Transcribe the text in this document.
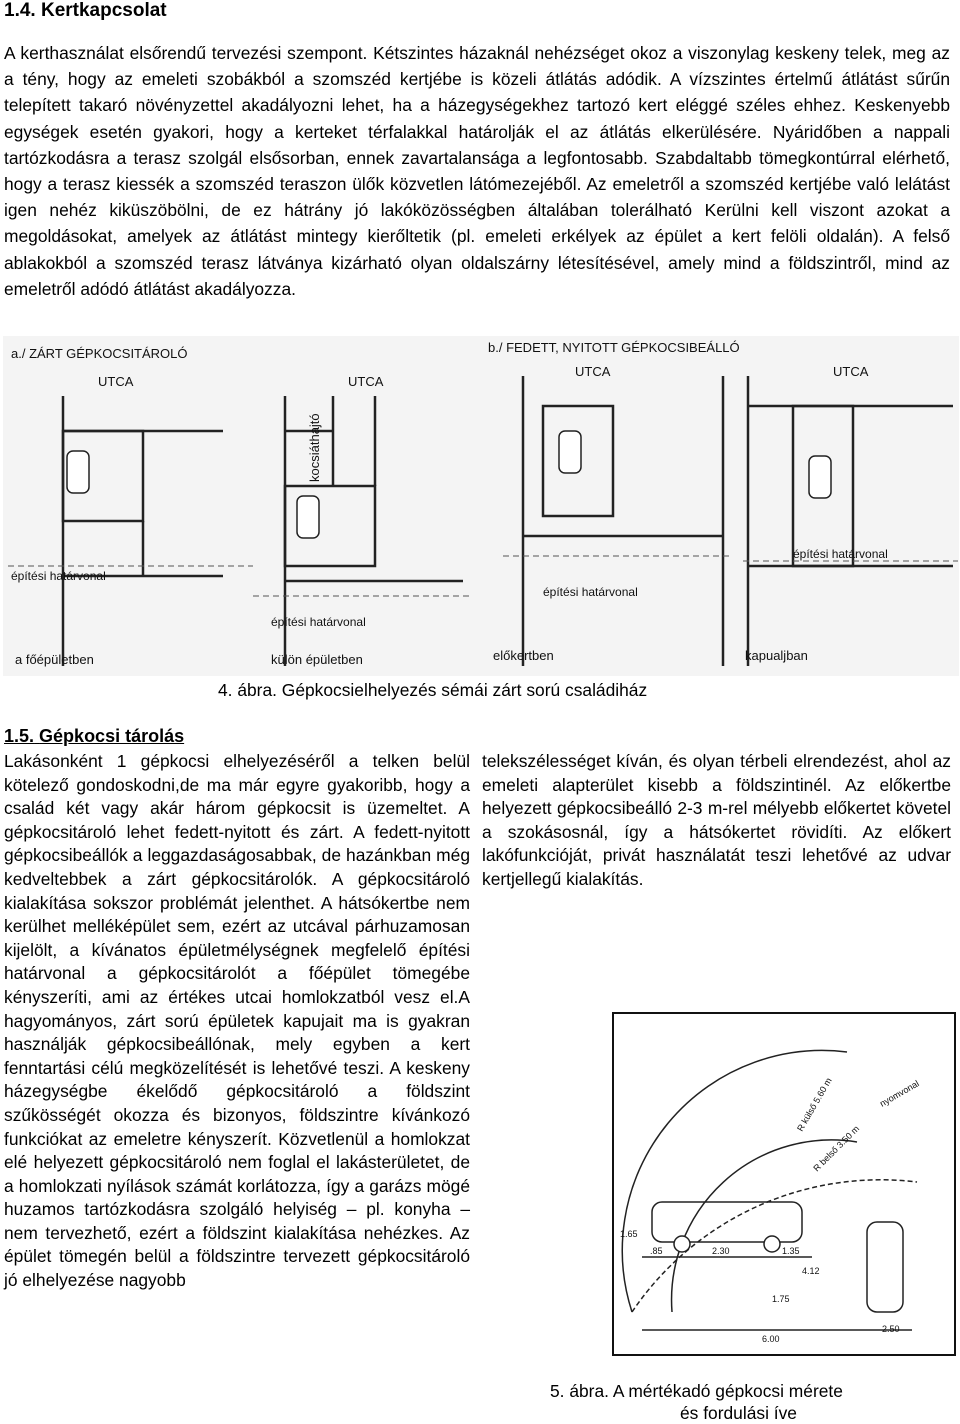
1.4. Kertkapcsolat

A kerthasználat elsőrendű tervezési szempont. Kétszintes házaknál nehézséget okoz a viszonylag keskeny telek, meg az a tény, hogy az emeleti szobákból a szomszéd kertjébe is közeli átlátás adódik. A vízszintes értelmű átlátást sűrűn telepített takaró növényzettel akadályozni lehet, ha a házegységekhez tartozó kert eléggé széles ehhez. Keskenyebb egységek esetén gyakori, hogy a kerteket térfalakkal határolják el az átlátás elkerülésére. Nyáridőben a nappali tartózkodásra a terasz szolgál elsősorban, ennek zavartalansága a legfontosabb. Szabdaltabb tömegkontúrral elérhető, hogy a terasz kiessék a szomszéd teraszon ülők közvetlen látómezejéből. Az emeletről a szomszéd kertjébe való lelátást igen nehéz kiküszöbölni, de ez hátrány jó lakóközösségben általában tolerálható Kerülni kell viszont azokat a megoldásokat, amelyek az átlátást mintegy kierőltetik (pl. emeleti erkélyek az épület a kert felöli oldalán). A felső ablakokból a szomszéd terasz látványa kizárható olyan oldalszárny létesítésével, amely mind a földszintről, mind az emeletről adódó átlátást akadályozza.

a./ ZÁRT GÉPKOCSITÁROLÓ	b./ FEDETT, NYITOTT GÉPKOCSIBEÁLLÓ
UTCA	UTCA
UTCA	UTCA
kocsiáthajtó
építési határvonal
építési határvonal
építési határvonal
építési határvonal
a főépületben	külön épületben	előkertben	kapualjban
4. ábra. Gépkocsielhelyezés sémái zárt sorú családiház
1.5. Gépkocsi tárolás

Lakásonként 1 gépkocsi elhelyezéséről a telken belül kötelező gondoskodni,de ma már egyre gyakoribb, hogy a család két vagy akár három gépkocsit is üzemeltet. A gépkocsitároló lehet fedett-nyitott és zárt. A fedett-nyitott gépkocsibeállók a leggazdaságosabbak, de hazánkban még kedveltebbek a zárt gépkocsitárolók. A gépkocsitároló kialakítása sokszor problémát jelenthet. A hátsókertbe nem kerülhet melléképület sem, ezért az utcával párhuzamosan kijelölt, a kívánatos épületmélységnek megfelelő építési határvonal a gépkocsitárolót a főépület tömegébe kényszeríti, ami az értékes utcai homlokzatból vesz el.A hagyományos, zárt sorú épületek kapujait ma is gyakran használják gépkocsibeállónak, mely egyben a kert fenntartási célú megközelítését is lehetővé teszi. A keskeny házegységbe ékelődő gépkocsitároló a földszint szűkösségét okozza és bizonyos, földszintre kívánkozó funkciókat az emeletre kényszerít. Közvetlenül a homlokzat elé helyezett gépkocsitároló nem foglal el lakásterületet, de a homlokzati nyílások számát korlátozza, így a garázs mögé huzamos tartózkodásra szolgáló helyiség – pl. konyha – nem tervezhető, ezért a földszint kialakítása nehézkes. Az épület tömegén belül a földszintre tervezett gépkocsitároló jó elhelyezése nagyobb

telekszélességet kíván, és olyan térbeli elrendezést, ahol az emeleti alapterület kisebb a földszintinél. Az előkertbe helyezett gépkocsibeálló 2-3 m-rel mélyebb előkertet követel a szokásosnál, így a hátsókertet rövidíti. Az előkert lakófunkcióját, privát használatát teszi lehetővé az udvar kertjellegű kialakítás.

1.65
4.12
1.75
.85	2.30	1.35
6.00
2.50
R külső 5.60 m
R belső 3.50 m
nyomvonal
5. ábra. A mértékadó gépkocsi mérete
és fordulási íve
